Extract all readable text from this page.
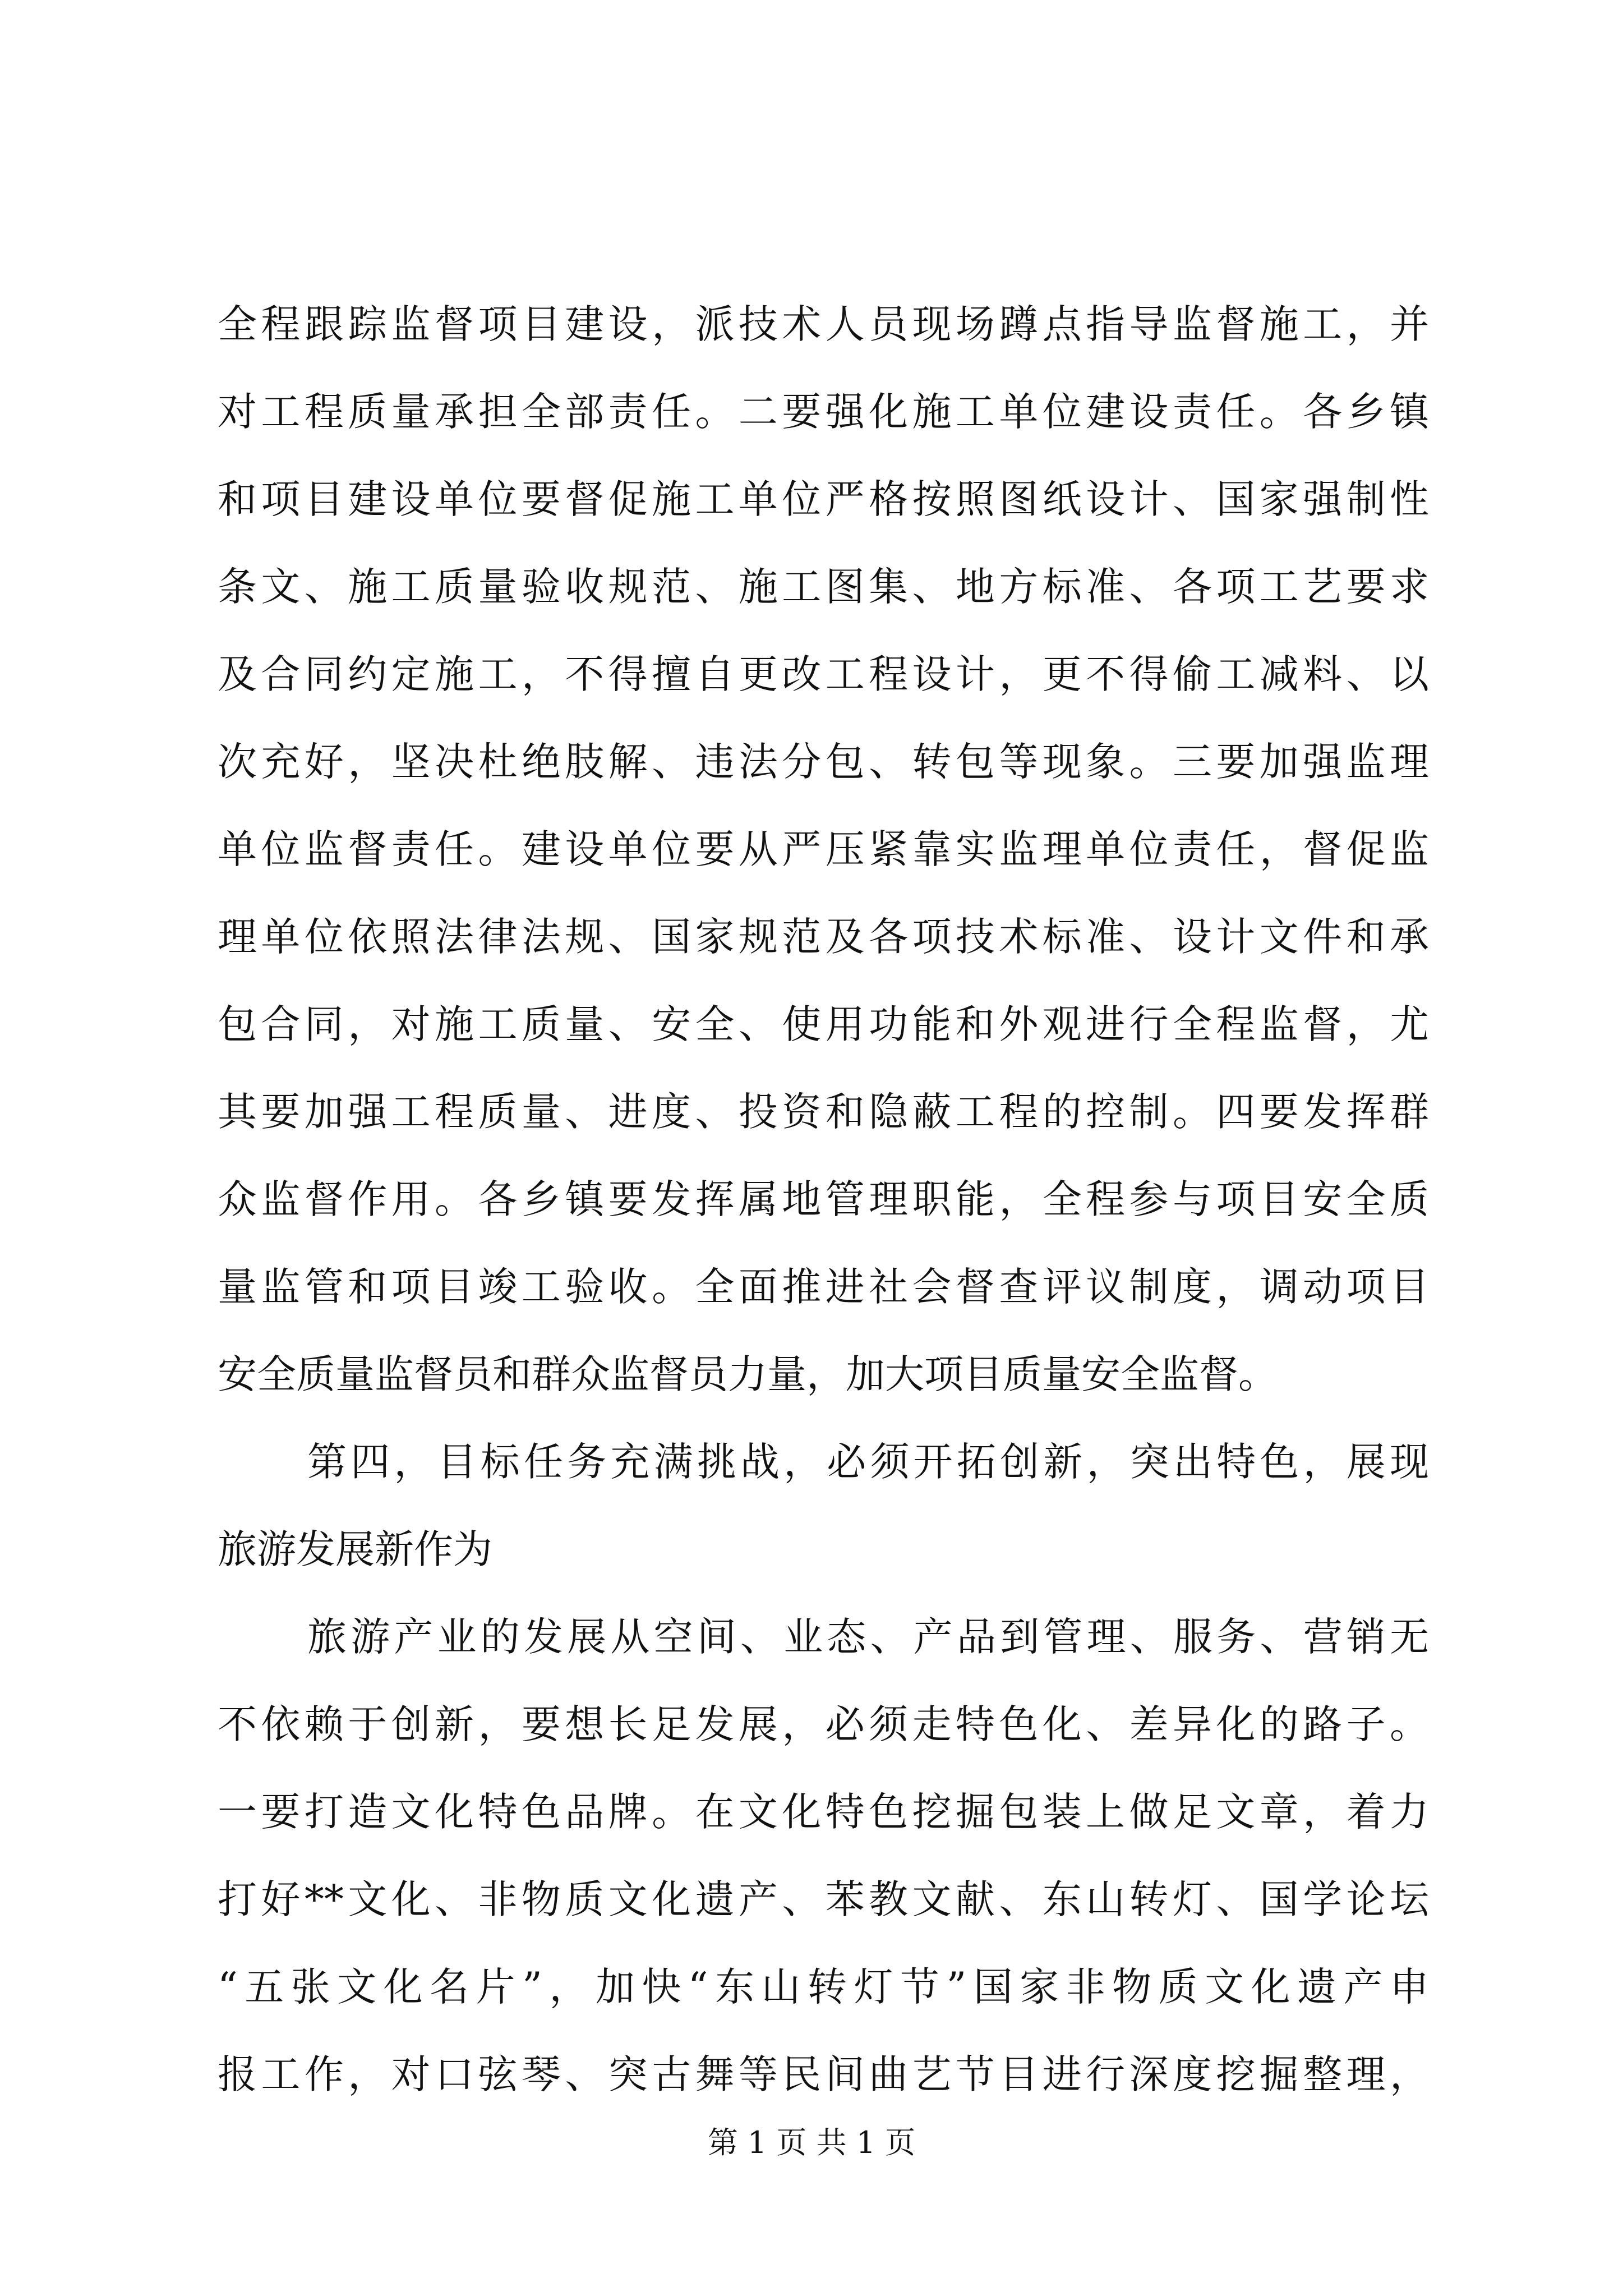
全程跟踪监督项目建设，派技术人员现场蹲点指导监督施工，并
对工程质量承担全部责任。二要强化施工单位建设责任。各乡镇
和项目建设单位要督促施工单位严格按照图纸设计、国家强制性
条文、施工质量验收规范、施工图集、地方标准、各项工艺要求
及合同约定施工，不得擅自更改工程设计，更不得偷工减料、以
次充好，坚决杜绝肢解、违法分包、转包等现象。三要加强监理
单位监督责任。建设单位要从严压紧靠实监理单位责任，督促监
理单位依照法律法规、国家规范及各项技术标准、设计文件和承
包合同，对施工质量、安全、使用功能和外观进行全程监督，尤
其要加强工程质量、进度、投资和隐蔽工程的控制。四要发挥群
众监督作用。各乡镇要发挥属地管理职能，全程参与项目安全质
量监管和项目竣工验收。全面推进社会督查评议制度，调动项目
安全质量监督员和群众监督员力量，加大项目质量安全监督。
第四，目标任务充满挑战，必须开拓创新，突出特色，展现
旅游发展新作为
旅游产业的发展从空间、业态、产品到管理、服务、营销无
不依赖于创新，要想长足发展，必须走特色化、差异化的路子。
一要打造文化特色品牌。在文化特色挖掘包装上做足文章，着力
打好**文化、非物质文化遗产、苯教文献、东山转灯、国学论坛
“五张文化名片”，加快“东山转灯节”国家非物质文化遗产申
报工作，对口弦琴、突古舞等民间曲艺节目进行深度挖掘整理，
第 1 页 共 1 页
